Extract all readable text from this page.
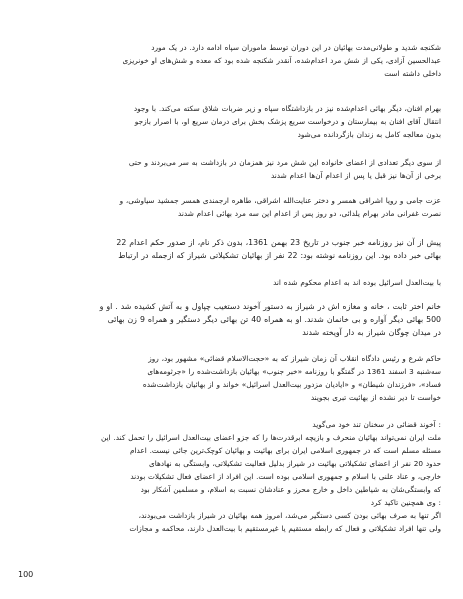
شکنجه شدید و طولانی‌مدت بهائیان در این دوران توسط ماموران سپاه ادامه دارد. در یک مورد
عبدالحسین آزادی، یکی از شش مرد اعدام‌شده، آنقدر شکنجه شده بود که معده و شش‌های او خونریزی
داخلی داشته است
بهرام افنان، دیگر بهائی اعدام‌شده نیز در بازداشتگاه سپاه و زیر ضربات شلاق سکته می‌کند. با وجود
انتقال آقای افنان به بیمارستان و درخواست سریع پزشک بخش برای درمان سریع او، با اصرار بازجو
بدون معالجه کامل به زندان بازگردانده می‌شود
از سوی دیگر تعدادی از اعضای خانواده این شش مرد نیز همزمان در بازداشت به سر می‌بردند و حتی
برخی از آن‌ها نیز قبل یا پس از اعدام آن‌ها اعدام شدند
عزت جامی و رویا اشراقی همسر و دختر عنایت‌الله اشراقی، طاهره ارجمندی همسر جمشید سیاوشی، و
نصرت غفرانی مادر بهرام یلدائی، دو روز پس از اعدام این سه مرد بهائی اعدام شدند
پیش از آن نیز روزنامه خبر جنوب در تاریخ 23 بهمن 1361، بدون ذکر نام، از صدور حکم اعدام 22
بهائی خبر داده بود. این روزنامه نوشته بود: 22 نفر از بهائیان تشکیلاتی شیراز که ازجمله در ارتباط
با بیت‌العدل اسرائیل بوده اند به اعدام محکوم شده اند
خانم اختر ثابت ، خانه و مغازه اش در شیراز به دستور آخوند دستغیب چپاول و به آتش کشیده شد . او و
500 بهائی دیگر آواره و بی خانمان شدند. او به همراه 40 تن بهائی دیگر دستگیر و همراه 9 زن بهائی
در میدان چوگان شیراز به دار آویخته شدند
حاکم شرع و رئیس دادگاه انقلاب آن زمان شیراز که به «حجت‌الاسلام قضائی» مشهور بود، روز
سه‌شنبه 3 اسفند 1361 در گفتگو با روزنامه «خبر جنوب» بهائیان بازداشت‌شده را «جرثومه‌های
فساد»، «فرزندان شیطان» و «ایادیان مزدور بیت‌العدل اسرائیل» خواند و از بهائیان بازداشت‌شده
خواست تا دیر نشده از بهائیت تبری بجویند
: آخوند قضائی در سخنان تند خود می‌گوید
ملت ایران نمی‌تواند بهائیان منحرف و بازیچه ابرقدرت‌ها را که جزو اعضای بیت‌العدل اسرائیل را تحمل کند. این
مسئله مسلم است که در جمهوری اسلامی ایران برای بهائیت و بهائیان کوچک‌ترین جائی نیست. اعدام
حدود 20 نفر از اعضای تشکیلاتی بهائیت در شیراز بدلیل فعالیت تشکیلاتی، وابستگی به نهادهای
خارجی، و عناد علنی با اسلام و جمهوری اسلامی بوده است. این افراد از اعضای فعال تشکیلات بودند
که وابستگی‌شان به شیاطین داخل و خارج محرز و عنادشان نسبت به اسلام، و مسلمین آشکار بود
: وی همچنین تاکید کرد
اگر تنها به صرف بهائی بودن کسی دستگیر می‌شد، امروز همه بهائیان در شیراز بازداشت می‌بودند،
ولی تنها افراد تشکیلاتی و فعال که رابطه مستقیم یا غیرمستقیم با بیت‌العدل دارند، محاکمه و مجازات
100
